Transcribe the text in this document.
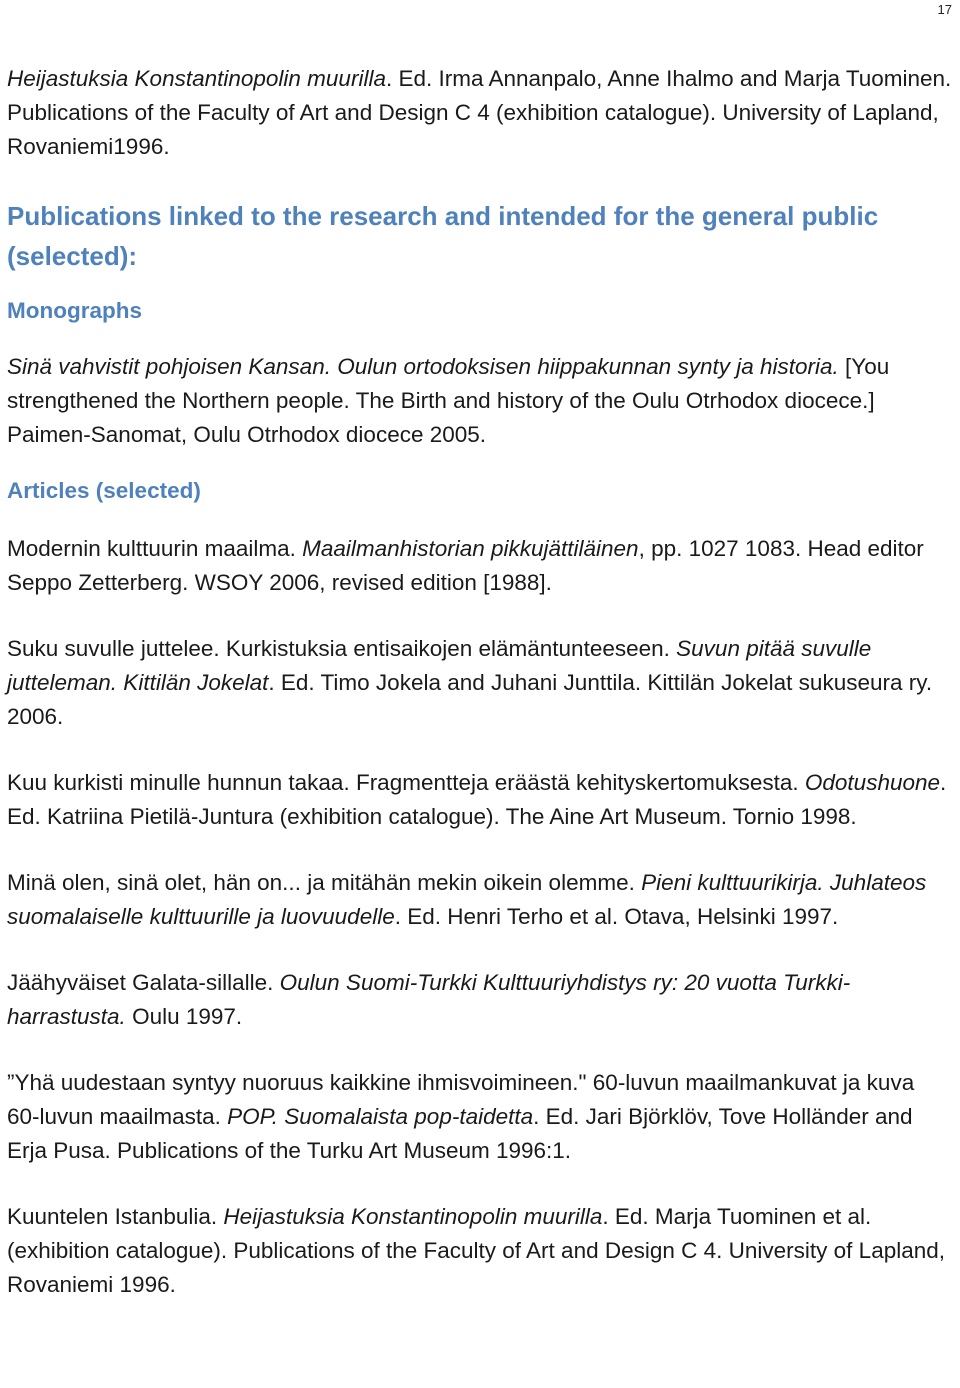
17

Heijastuksia Konstantinopolin muurilla. Ed. Irma Annanpalo, Anne Ihalmo and Marja Tuominen. Publications of the Faculty of Art and Design C 4 (exhibition catalogue). University of Lapland, Rovaniemi1996.

Publications linked to the research and intended for the general public (selected):
Monographs

Sinä vahvistit pohjoisen Kansan. Oulun ortodoksisen hiippakunnan synty ja historia. [You strengthened the Northern people. The Birth and history of the Oulu Otrhodox diocece.] Paimen-Sanomat, Oulu Otrhodox diocece 2005.

Articles (selected)

Modernin kulttuurin maailma. Maailmanhistorian pikkujättiläinen, pp. 1027 1083. Head editor Seppo Zetterberg. WSOY 2006, revised edition [1988].

Suku suvulle juttelee. Kurkistuksia entisaikojen elämäntunteeseen. Suvun pitää suvulle jutteleman. Kittilän Jokelat. Ed. Timo Jokela and Juhani Junttila. Kittilän Jokelat sukuseura ry. 2006.

Kuu kurkisti minulle hunnun takaa. Fragmentteja eräästä kehityskertomuksesta. Odotushuone. Ed. Katriina Pietilä-Juntura (exhibition catalogue). The Aine Art Museum. Tornio 1998.

Minä olen, sinä olet, hän on... ja mitähän mekin oikein olemme. Pieni kulttuurikirja. Juhlateos suomalaiselle kulttuurille ja luovuudelle. Ed. Henri Terho et al. Otava, Helsinki 1997.

Jäähyväiset Galata-sillalle. Oulun Suomi-Turkki Kulttuuriyhdistys ry: 20 vuotta Turkki-harrastusta. Oulu 1997.

”Yhä uudestaan syntyy nuoruus kaikkine ihmisvoimineen." 60-luvun maailmankuvat ja kuva 60-luvun maailmasta. POP. Suomalaista pop-taidetta. Ed. Jari Björklöv, Tove Holländer and Erja Pusa. Publications of the Turku Art Museum 1996:1.

Kuuntelen Istanbulia. Heijastuksia Konstantinopolin muurilla. Ed. Marja Tuominen et al. (exhibition catalogue). Publications of the Faculty of Art and Design C 4. University of Lapland, Rovaniemi 1996.
